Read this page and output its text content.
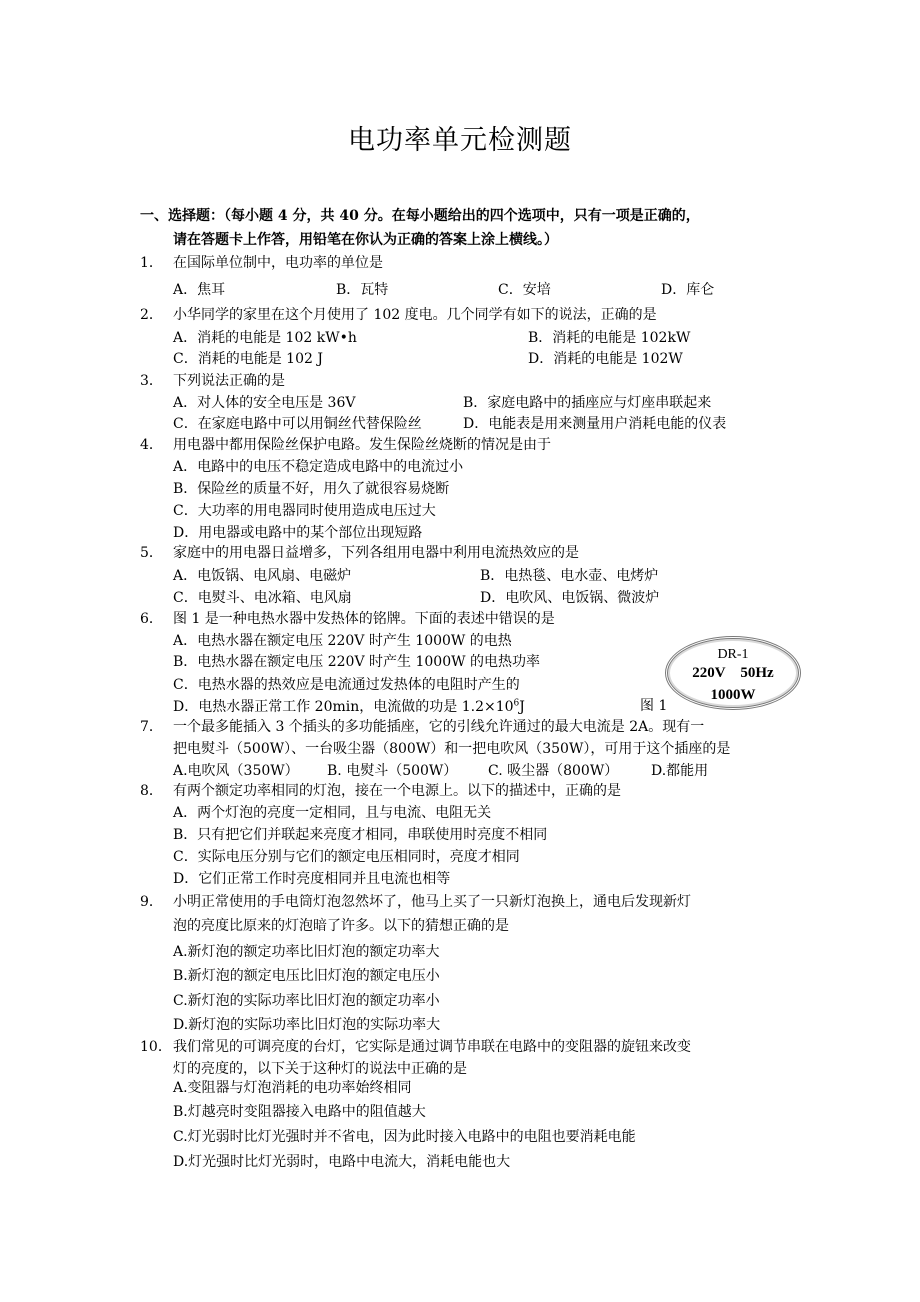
电功率单元检测题
一、选择题：（每小题 4 分，共 40 分。在每小题给出的四个选项中，只有一项是正确的，
请在答题卡上作答，用铅笔在你认为正确的答案上涂上横线。）
1． 在国际单位制中，电功率的单位是
A．焦耳	B．瓦特	C．安培	D．库仑
2． 小华同学的家里在这个月使用了 102 度电。几个同学有如下的说法，正确的是
A．消耗的电能是 102 kW•h	B．消耗的电能是 102kW
C．消耗的电能是 102 J	D．消耗的电能是 102W
3． 下列说法正确的是
A．对人体的安全电压是 36V	B．家庭电路中的插座应与灯座串联起来
C．在家庭电路中可以用铜丝代替保险丝	D．电能表是用来测量用户消耗电能的仪表
4． 用电器中都用保险丝保护电路。发生保险丝烧断的情况是由于
A．电路中的电压不稳定造成电路中的电流过小
B．保险丝的质量不好，用久了就很容易烧断
C．大功率的用电器同时使用造成电压过大
D．用电器或电路中的某个部位出现短路
5． 家庭中的用电器日益增多，下列各组用电器中利用电流热效应的是
A．电饭锅、电风扇、电磁炉	B．电热毯、电水壶、电烤炉
C．电熨斗、电冰箱、电风扇	D．电吹风、电饭锅、微波炉
6． 图 1 是一种电热水器中发热体的铭牌。下面的表述中错误的是
A．电热水器在额定电压 220V 时产生 1000W 的电热
B．电热水器在额定电压 220V 时产生 1000W 的电热功率
C．电热水器的热效应是电流通过发热体的电阻时产生的
D．电热水器正常工作 20min，电流做的功是 $1.2\times 10^6J$
DR-1
220V    50Hz
1000W
图 1
7． 一个最多能插入 3 个插头的多功能插座，它的引线允许通过的最大电流是 2A。现有一
把电熨斗（500W）、一台吸尘器（800W）和一把电吹风（350W），可用于这个插座的是
A.电吹风（350W） B. 电熨斗（500W） C. 吸尘器（800W） D.都能用
8． 有两个额定功率相同的灯泡，接在一个电源上。以下的描述中，正确的是
A．两个灯泡的亮度一定相同，且与电流、电阻无关
B．只有把它们并联起来亮度才相同，串联使用时亮度不相同
C．实际电压分别与它们的额定电压相同时，亮度才相同
D．它们正常工作时亮度相同并且电流也相等
9． 小明正常使用的手电筒灯泡忽然坏了，他马上买了一只新灯泡换上，通电后发现新灯
泡的亮度比原来的灯泡暗了许多。以下的猜想正确的是
A.新灯泡的额定功率比旧灯泡的额定功率大
B.新灯泡的额定电压比旧灯泡的额定电压小
C.新灯泡的实际功率比旧灯泡的额定功率小
D.新灯泡的实际功率比旧灯泡的实际功率大
10． 我们常见的可调亮度的台灯，它实际是通过调节串联在电路中的变阻器的旋钮来改变
灯的亮度的，以下关于这种灯的说法中正确的是
A.变阻器与灯泡消耗的电功率始终相同
B.灯越亮时变阻器接入电路中的阻值越大
C.灯光弱时比灯光强时并不省电，因为此时接入电路中的电阻也要消耗电能
D.灯光强时比灯光弱时，电路中电流大，消耗电能也大
